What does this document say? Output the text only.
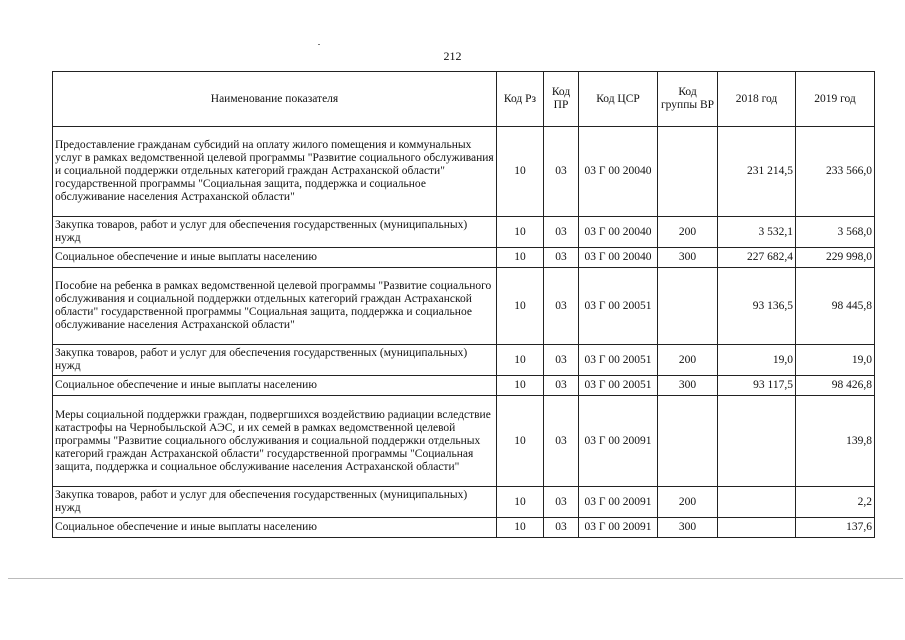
212
Наименование показателя	Код Рз	Код ПР	Код ЦСР	Код группы ВР	2018 год	2019 год
Предоставление гражданам субсидий на оплату жилого помещения и коммунальных услуг в рамках ведомственной целевой программы "Развитие социального обслуживания и социальной поддержки отдельных категорий граждан Астраханской области" государственной программы "Социальная защита, поддержка и социальное обслуживание населения Астраханской области"	10	03	03 Г 00 20040		231 214,5	233 566,0
Закупка товаров, работ и услуг для обеспечения государственных (муниципальных) нужд	10	03	03 Г 00 20040	200	3 532,1	3 568,0
Социальное обеспечение и иные выплаты населению	10	03	03 Г 00 20040	300	227 682,4	229 998,0
Пособие на ребенка в рамках ведомственной целевой программы "Развитие социального обслуживания и социальной поддержки отдельных категорий граждан Астраханской области" государственной программы "Социальная защита, поддержка и социальное обслуживание населения Астраханской области"	10	03	03 Г 00 20051		93 136,5	98 445,8
Закупка товаров, работ и услуг для обеспечения государственных (муниципальных) нужд	10	03	03 Г 00 20051	200	19,0	19,0
Социальное обеспечение и иные выплаты населению	10	03	03 Г 00 20051	300	93 117,5	98 426,8
Меры социальной поддержки граждан, подвергшихся воздействию радиации вследствие катастрофы на Чернобыльской АЭС, и их семей в рамках ведомственной целевой программы "Развитие социального обслуживания и социальной поддержки отдельных категорий граждан Астраханской области" государственной программы "Социальная защита, поддержка и социальное обслуживание населения Астраханской области"	10	03	03 Г 00 20091			139,8
Закупка товаров, работ и услуг для обеспечения государственных (муниципальных) нужд	10	03	03 Г 00 20091	200		2,2
Социальное обеспечение и иные выплаты населению	10	03	03 Г 00 20091	300		137,6
